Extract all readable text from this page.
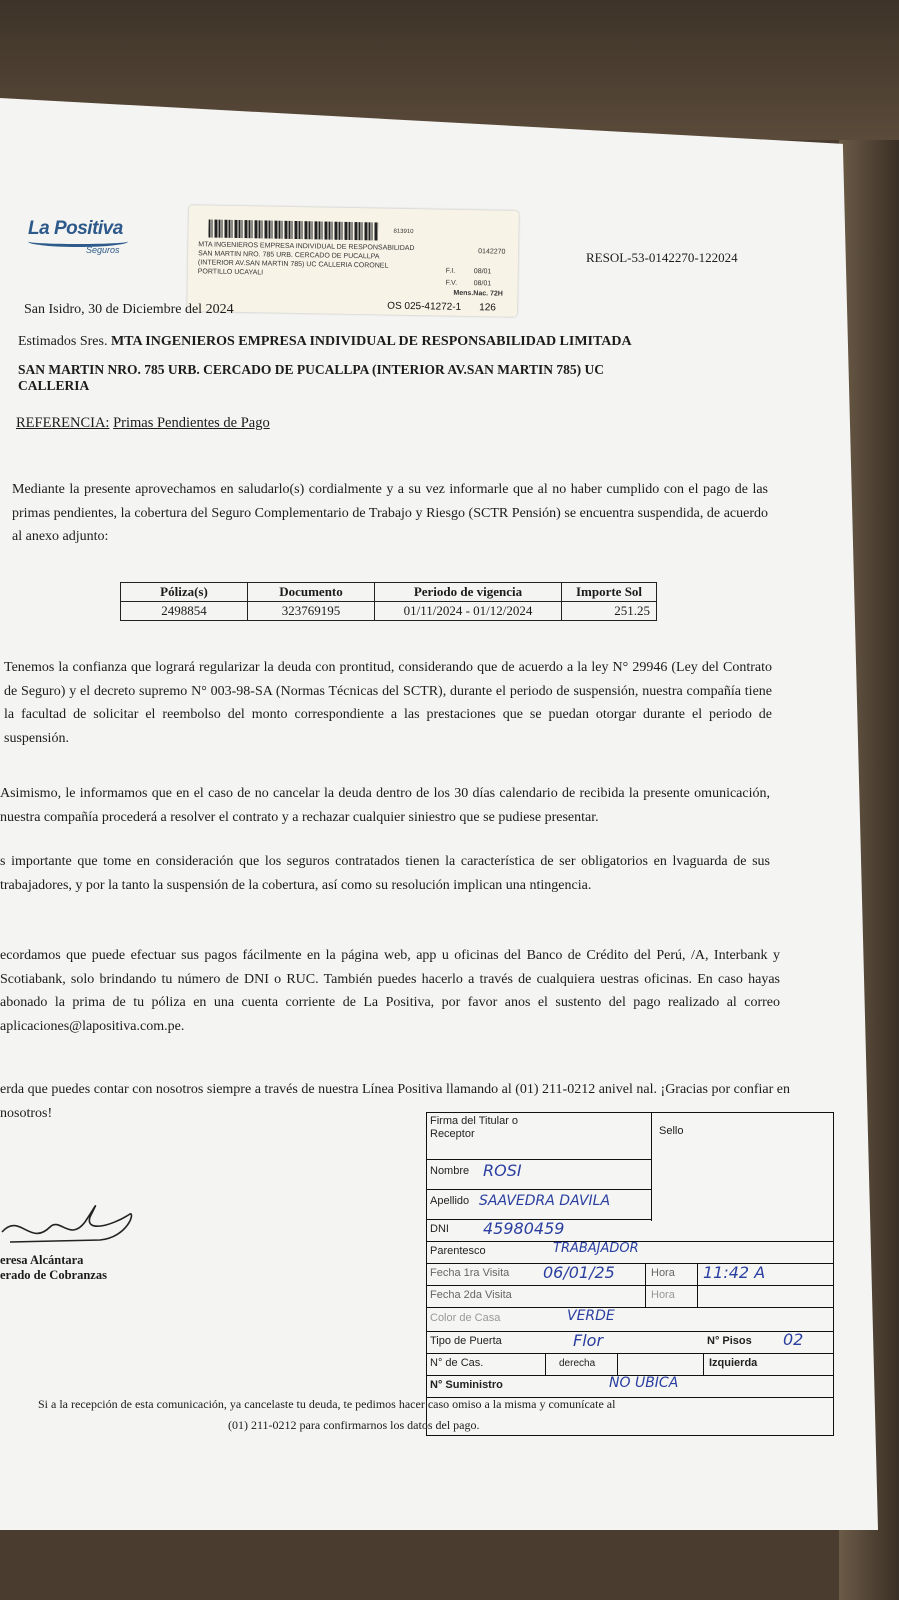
La Positiva
Seguros
813910
MTA INGENIEROS EMPRESA INDIVIDUAL DE RESPONSABILIDAD
SAN MARTIN NRO. 785 URB. CERCADO DE PUCALLPA
(INTERIOR AV.SAN MARTIN 785) UC CALLERIA CORONEL
PORTILLO UCAYALI
0142270
F.I.	08/01
F.V. 08/01
Mens.Nac. 72H
OS 025-41272-1 126
RESOL-53-0142270-122024
San Isidro, 30 de Diciembre del 2024
Estimados Sres. MTA INGENIEROS EMPRESA INDIVIDUAL DE RESPONSABILIDAD LIMITADA
SAN MARTIN NRO. 785 URB. CERCADO DE PUCALLPA (INTERIOR AV.SAN MARTIN 785) UC
CALLERIA
REFERENCIA: Primas Pendientes de Pago
Mediante la presente aprovechamos en saludarlo(s) cordialmente y a su vez informarle que al no haber cumplido con el pago de las primas pendientes, la cobertura del Seguro Complementario de Trabajo y Riesgo (SCTR Pensión) se encuentra suspendida, de acuerdo al anexo adjunto:
Póliza(s)	Documento	Periodo de vigencia	Importe Sol
2498854	323769195	01/11/2024 - 01/12/2024	251.25
Tenemos la confianza que logrará regularizar la deuda con prontitud, considerando que de acuerdo a la ley N° 29946 (Ley del Contrato de Seguro) y el decreto supremo N° 003-98-SA (Normas Técnicas del SCTR), durante el periodo de suspensión, nuestra compañía tiene la facultad de solicitar el reembolso del monto correspondiente a las prestaciones que se puedan otorgar durante el periodo de suspensión.
Asimismo, le informamos que en el caso de no cancelar la deuda dentro de los 30 días calendario de recibida la presente omunicación, nuestra compañía procederá a resolver el contrato y a rechazar cualquier siniestro que se pudiese presentar.
s importante que tome en consideración que los seguros contratados tienen la característica de ser obligatorios en lvaguarda de sus trabajadores, y por la tanto la suspensión de la cobertura, así como su resolución implican una ntingencia.
ecordamos que puede efectuar sus pagos fácilmente en la página web, app u oficinas del Banco de Crédito del Perú, /A, Interbank y Scotiabank, solo brindando tu número de DNI o RUC. También puedes hacerlo a través de cualquiera uestras oficinas. En caso hayas abonado la prima de tu póliza en una cuenta corriente de La Positiva, por favor anos el sustento del pago realizado al correo aplicaciones@lapositiva.com.pe.
erda que puedes contar con nosotros siempre a través de nuestra Línea Positiva llamando al (01) 211-0212 anivel nal. ¡Gracias por confiar en nosotros!
eresa Alcántara
erado de Cobranzas
Sello
Firma del Titular o Receptor
Nombre ROSI
Apellido SAAVEDRA DAVILA
DNI 45980459
Parentesco	TRABAJADOR
Fecha 1ra Visita 06/01/25	Hora 11:42 A
Fecha 2da Visita	Hora
Color de Casa	VERDE
Tipo de Puerta	Flor	N° Pisos 02
N° de Cas.	derecha	Izquierda
N° Suministro	NO UBICA
Si a la recepción de esta comunicación, ya cancelaste tu deuda, te pedimos hacer caso omiso a la misma y comunícate al
(01) 211-0212 para confirmarnos los datos del pago.
